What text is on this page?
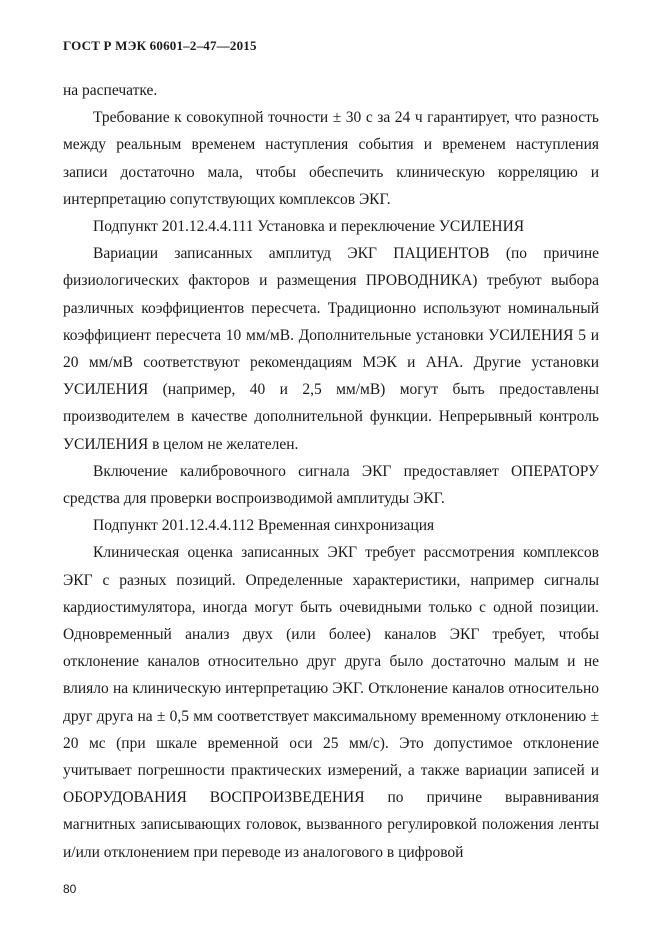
ГОСТ Р МЭК 60601–2–47—2015

на распечатке.

Требование к совокупной точности ± 30 с за 24 ч гарантирует, что разность между реальным временем наступления события и временем наступления записи достаточно мала, чтобы обеспечить клиническую корреляцию и интерпретацию сопутствующих комплексов ЭКГ.

Подпункт 201.12.4.4.111 Установка и переключение УСИЛЕНИЯ

Вариации записанных амплитуд ЭКГ ПАЦИЕНТОВ (по причине физиологических факторов и размещения ПРОВОДНИКА) требуют выбора различных коэффициентов пересчета. Традиционно используют номинальный коэффициент пересчета 10 мм/мВ. Дополнительные установки УСИЛЕНИЯ 5 и 20 мм/мВ соответствуют рекомендациям МЭК и АНА. Другие установки УСИЛЕНИЯ (например, 40 и 2,5 мм/мВ) могут быть предоставлены производителем в качестве дополнительной функции. Непрерывный контроль УСИЛЕНИЯ в целом не желателен.

Включение калибровочного сигнала ЭКГ предоставляет ОПЕРАТОРУ средства для проверки воспроизводимой амплитуды ЭКГ.

Подпункт 201.12.4.4.112 Временная синхронизация

Клиническая оценка записанных ЭКГ требует рассмотрения комплексов ЭКГ с разных позиций. Определенные характеристики, например сигналы кардиостимулятора, иногда могут быть очевидными только с одной позиции. Одновременный анализ двух (или более) каналов ЭКГ требует, чтобы отклонение каналов относительно друг друга было достаточно малым и не влияло на клиническую интерпретацию ЭКГ. Отклонение каналов относительно друг друга на ± 0,5 мм соответствует максимальному временному отклонению ± 20 мс (при шкале временной оси 25 мм/с). Это допустимое отклонение учитывает погрешности практических измерений, а также вариации записей и ОБОРУДОВАНИЯ ВОСПРОИЗВЕДЕНИЯ по причине выравнивания магнитных записывающих головок, вызванного регулировкой положения ленты и/или отклонением при переводе из аналогового в цифровой

80
